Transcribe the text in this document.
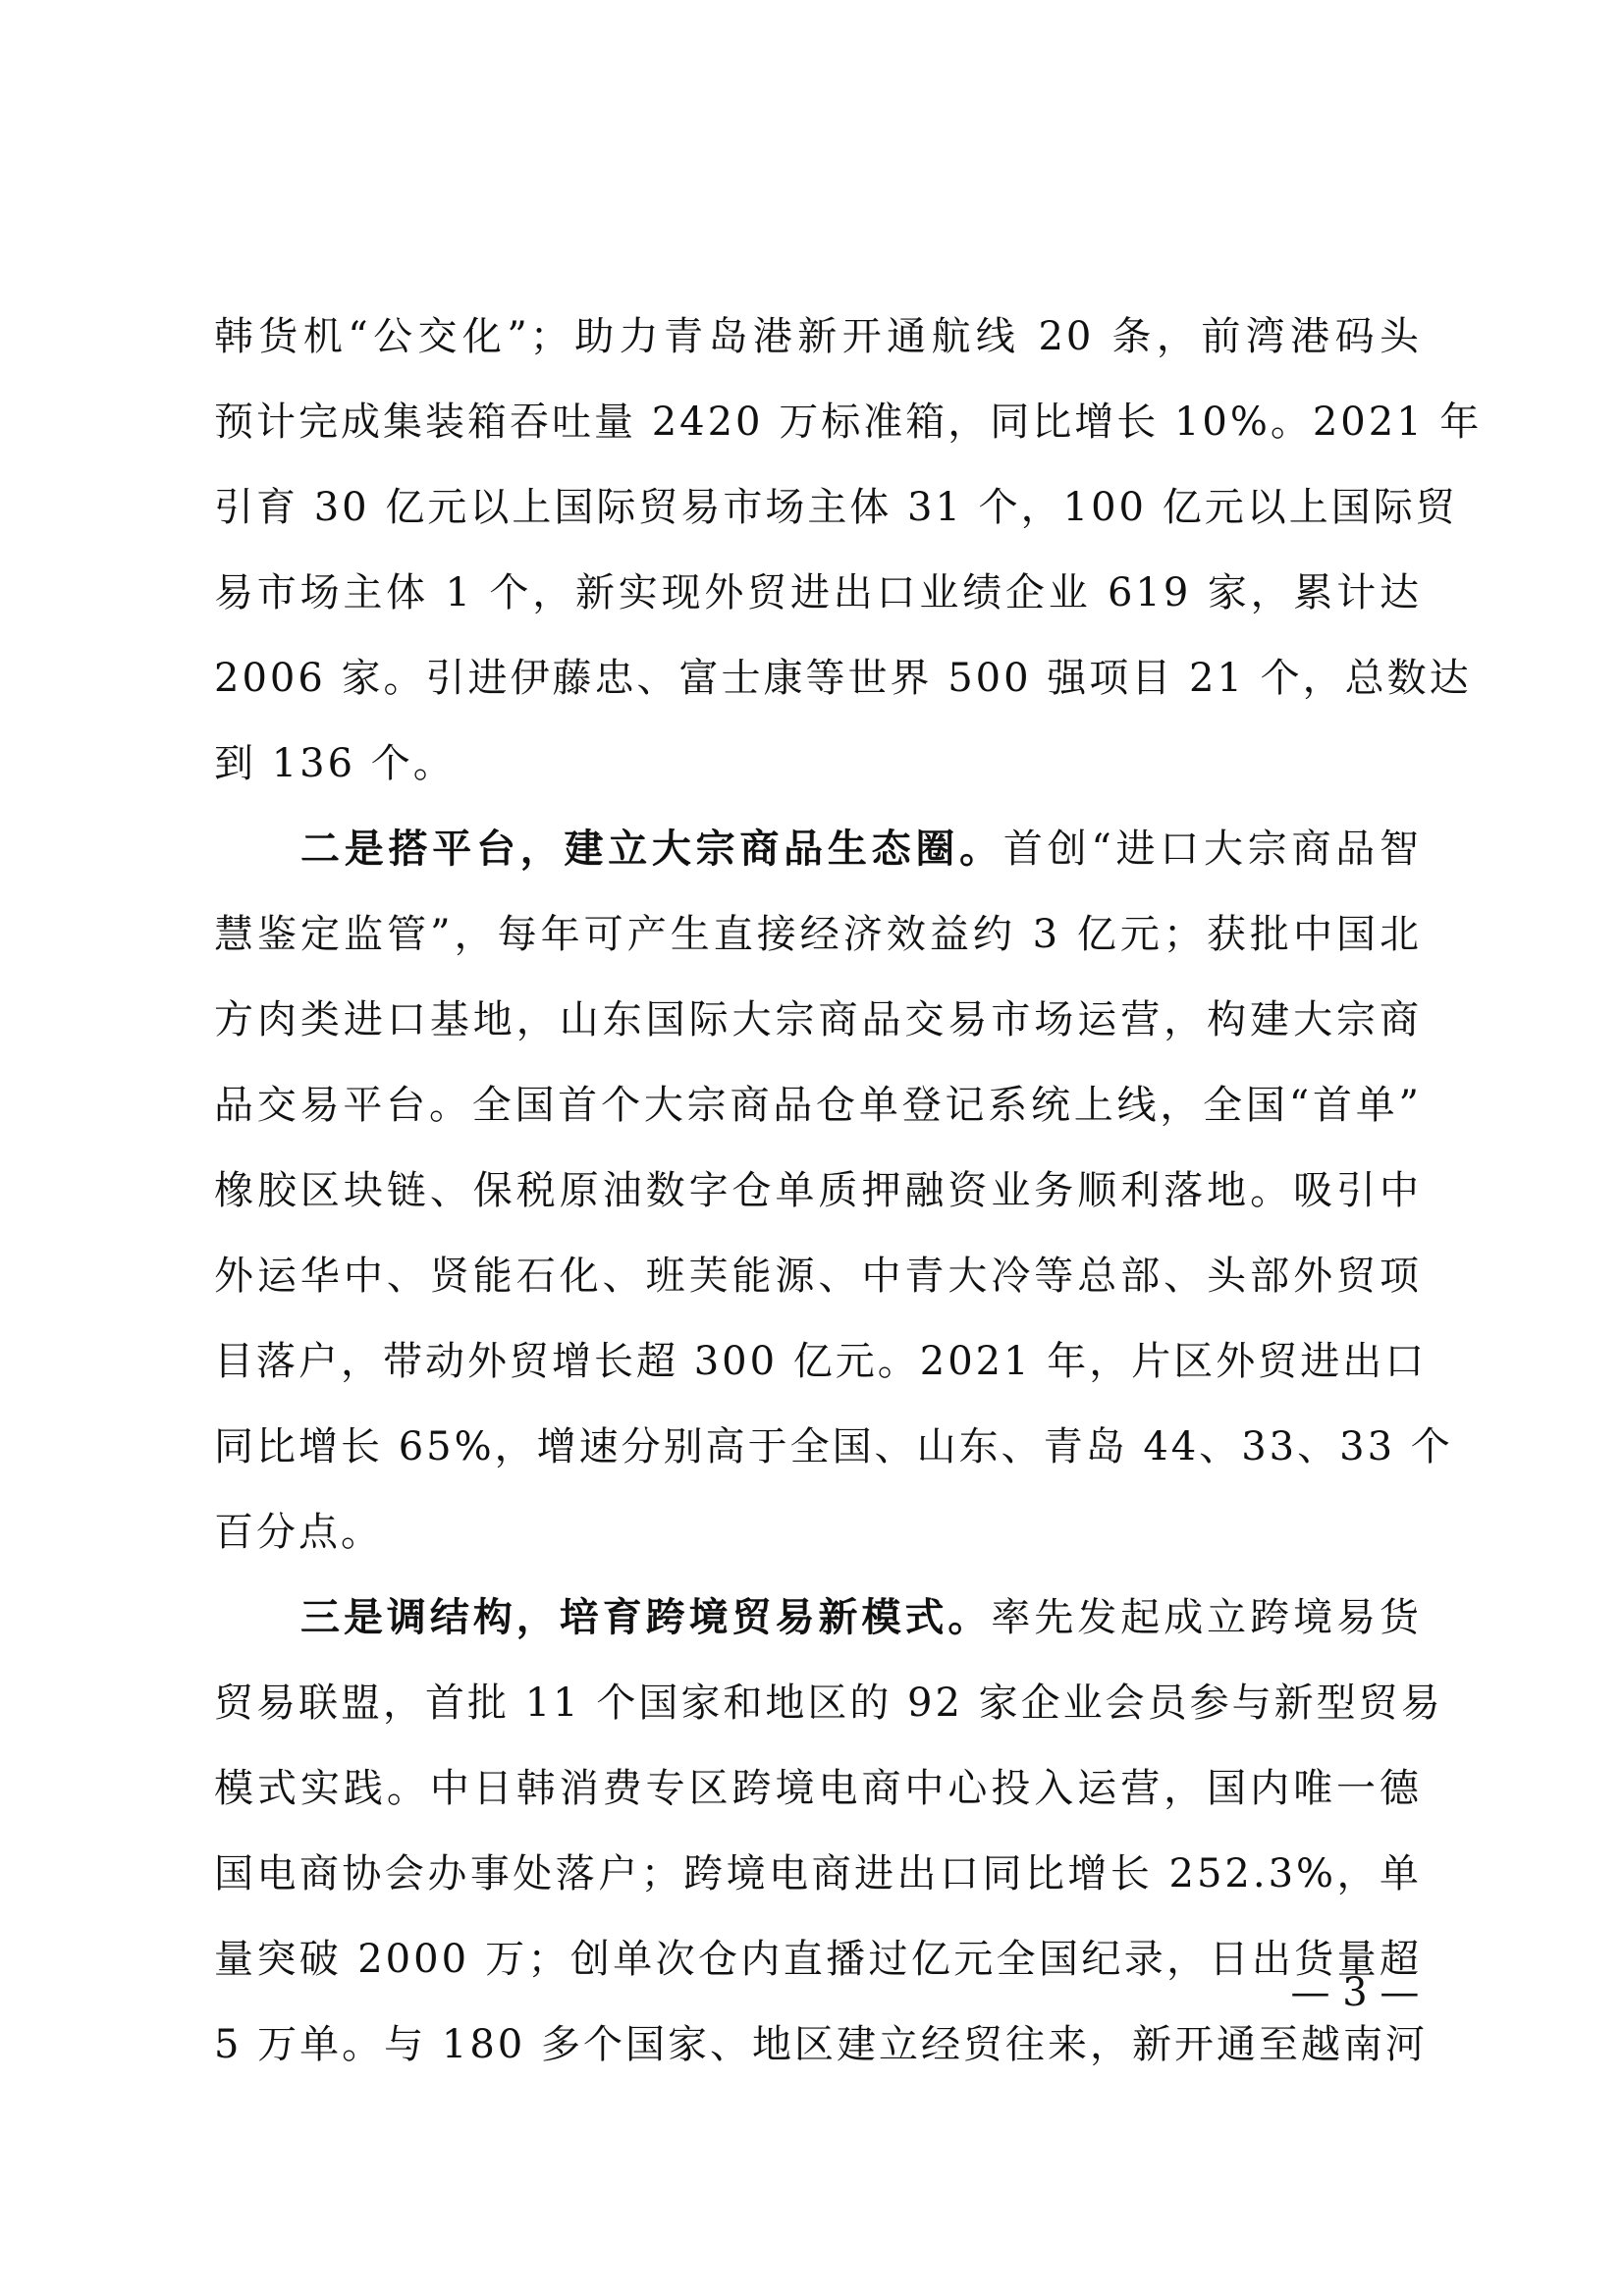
韩货机“公交化”；助力青岛港新开通航线 20 条，前湾港码头
预计完成集装箱吞吐量 2420 万标准箱，同比增长 10%。2021 年
引育 30 亿元以上国际贸易市场主体 31 个，100 亿元以上国际贸
易市场主体 1 个，新实现外贸进出口业绩企业 619 家，累计达
2006 家。引进伊藤忠、富士康等世界 500 强项目 21 个，总数达
到 136 个。
二是搭平台，建立大宗商品生态圈。首创“进口大宗商品智
慧鉴定监管”，每年可产生直接经济效益约 3 亿元；获批中国北
方肉类进口基地，山东国际大宗商品交易市场运营，构建大宗商
品交易平台。全国首个大宗商品仓单登记系统上线，全国“首单”
橡胶区块链、保税原油数字仓单质押融资业务顺利落地。吸引中
外运华中、贤能石化、班芙能源、中青大冷等总部、头部外贸项
目落户，带动外贸增长超 300 亿元。2021 年，片区外贸进出口
同比增长 65%，增速分别高于全国、山东、青岛 44、33、33 个
百分点。
三是调结构，培育跨境贸易新模式。率先发起成立跨境易货
贸易联盟，首批 11 个国家和地区的 92 家企业会员参与新型贸易
模式实践。中日韩消费专区跨境电商中心投入运营，国内唯一德
国电商协会办事处落户；跨境电商进出口同比增长 252.3%，单
量突破 2000 万；创单次仓内直播过亿元全国纪录，日出货量超
5 万单。与 180 多个国家、地区建立经贸往来，新开通至越南河
— 3 —
